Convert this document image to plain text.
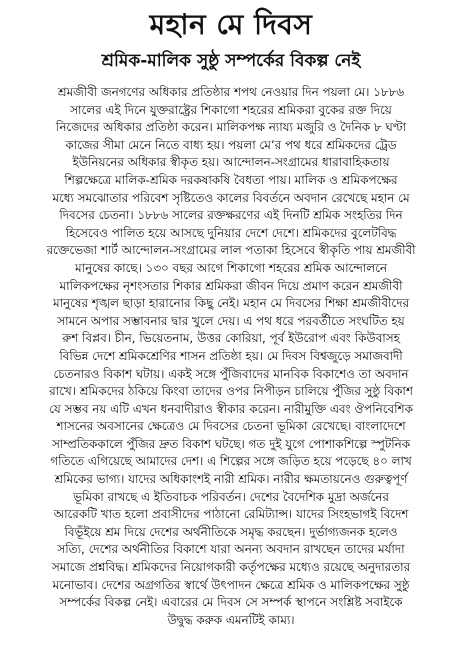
মহান মে দিবস
শ্রমিক-মালিক সুষ্ঠু সম্পর্কের বিকল্প নেই
শ্রমজীবী জনগণের অধিকার প্রতিষ্ঠার শপথ নেওয়ার দিন পয়লা মে। ১৮৮৬
সালের এই দিনে যুক্তরাষ্ট্রের শিকাগো শহরের শ্রমিকরা বুকের রক্ত দিয়ে
নিজেদের অধিকার প্রতিষ্ঠা করেন। মালিকপক্ষ ন্যায্য মজুরি ও দৈনিক ৮ ঘণ্টা
কাজের সীমা মেনে নিতে বাধ্য হয়। পয়লা মে’র পথ ধরে শ্রমিকদের ট্রেড
ইউনিয়নের অধিকার স্বীকৃত হয়। আন্দোলন-সংগ্রামের ধারাবাহিকতায়
শিল্পক্ষেত্রে মালিক-শ্রমিক দরকষাকষি বৈধতা পায়। মালিক ও শ্রমিকপক্ষের
মধ্যে সমঝোতার পরিবেশ সৃষ্টিতেও কালের বিবর্তনে অবদান রেখেছে মহান মে
দিবসের চেতনা। ১৮৮৬ সালের রক্তক্ষরণের এই দিনটি শ্রমিক সংহতির দিন
হিসেবেও পালিত হয়ে আসছে দুনিয়ার দেশে দেশে। শ্রমিকদের বুলেটবিদ্ধ
রক্তেভেজা শার্ট আন্দোলন-সংগ্রামের লাল পতাকা হিসেবে স্বীকৃতি পায় শ্রমজীবী
মানুষের কাছে। ১৩০ বছর আগে শিকাগো শহরের শ্রমিক আন্দোলনে
মালিকপক্ষের নৃশংসতার শিকার শ্রমিকরা জীবন দিয়ে প্রমাণ করেন শ্রমজীবী
মানুষের শৃঙ্খল ছাড়া হারানোর কিছু নেই। মহান মে দিবসের শিক্ষা শ্রমজীবীদের
সামনে অপার সম্ভাবনার দ্বার খুলে দেয়। এ পথ ধরে পরবর্তীতে সংঘটিত হয়
রুশ বিপ্লব। চীন, ভিয়েতনাম, উত্তর কোরিয়া, পূর্ব ইউরোপ এবং কিউবাসহ
বিভিন্ন দেশে শ্রমিকশ্রেণির শাসন প্রতিষ্ঠা হয়। মে দিবস বিশ্বজুড়ে সমাজবাদী
চেতনারও বিকাশ ঘটায়। একই সঙ্গে পুঁজিবাদের মানবিক বিকাশেও তা অবদান
রাখে। শ্রমিকদের ঠকিয়ে কিংবা তাদের ওপর নিপীড়ন চালিয়ে পুঁজির সুষ্ঠু বিকাশ
যে সম্ভব নয় এটি এখন ধনবাদীরাও স্বীকার করেন। নারীমুক্তি এবং ঔপনিবেশিক
শাসনের অবসানের ক্ষেত্রেও মে দিবসের চেতনা ভূমিকা রেখেছে। বাংলাদেশে
সাম্প্রতিককালে পুঁজির দ্রুত বিকাশ ঘটছে। গত দুই যুগে পোশাকশিল্পে স্পুটনিক
গতিতে এগিয়েছে আমাদের দেশ। এ শিল্পের সঙ্গে জড়িত হয়ে পড়েছে ৪০ লাখ
শ্রমিকের ভাগ্য। যাদের অধিকাংশই নারী শ্রমিক। নারীর ক্ষমতায়নেও গুরুত্বপূর্ণ
ভূমিকা রাখছে এ ইতিবাচক পরিবর্তন। দেশের বৈদেশিক মুদ্রা অর্জনের
আরেকটি খাত হলো প্রবাসীদের পাঠানো রেমিট্যান্স। যাদের সিংহভাগই বিদেশ
বিভূঁইয়ে শ্রম দিয়ে দেশের অর্থনীতিকে সমৃদ্ধ করছেন। দুর্ভাগ্যজনক হলেও
সত্যি, দেশের অর্থনীতির বিকাশে যারা অনন্য অবদান রাখছেন তাদের মর্যাদা
সমাজে প্রশ্নবিদ্ধ। শ্রমিকদের নিয়োগকারী কর্তৃপক্ষের মধ্যেও রয়েছে অনুদারতার
মনোভাব। দেশের অগ্রগতির স্বার্থে উৎপাদন ক্ষেত্রে শ্রমিক ও মালিকপক্ষের সুষ্ঠু
সম্পর্কের বিকল্প নেই। এবারের মে দিবস সে সম্পর্ক স্থাপনে সংশ্লিষ্ট সবাইকে
উদ্বুদ্ধ করুক এমনটিই কাম্য।
